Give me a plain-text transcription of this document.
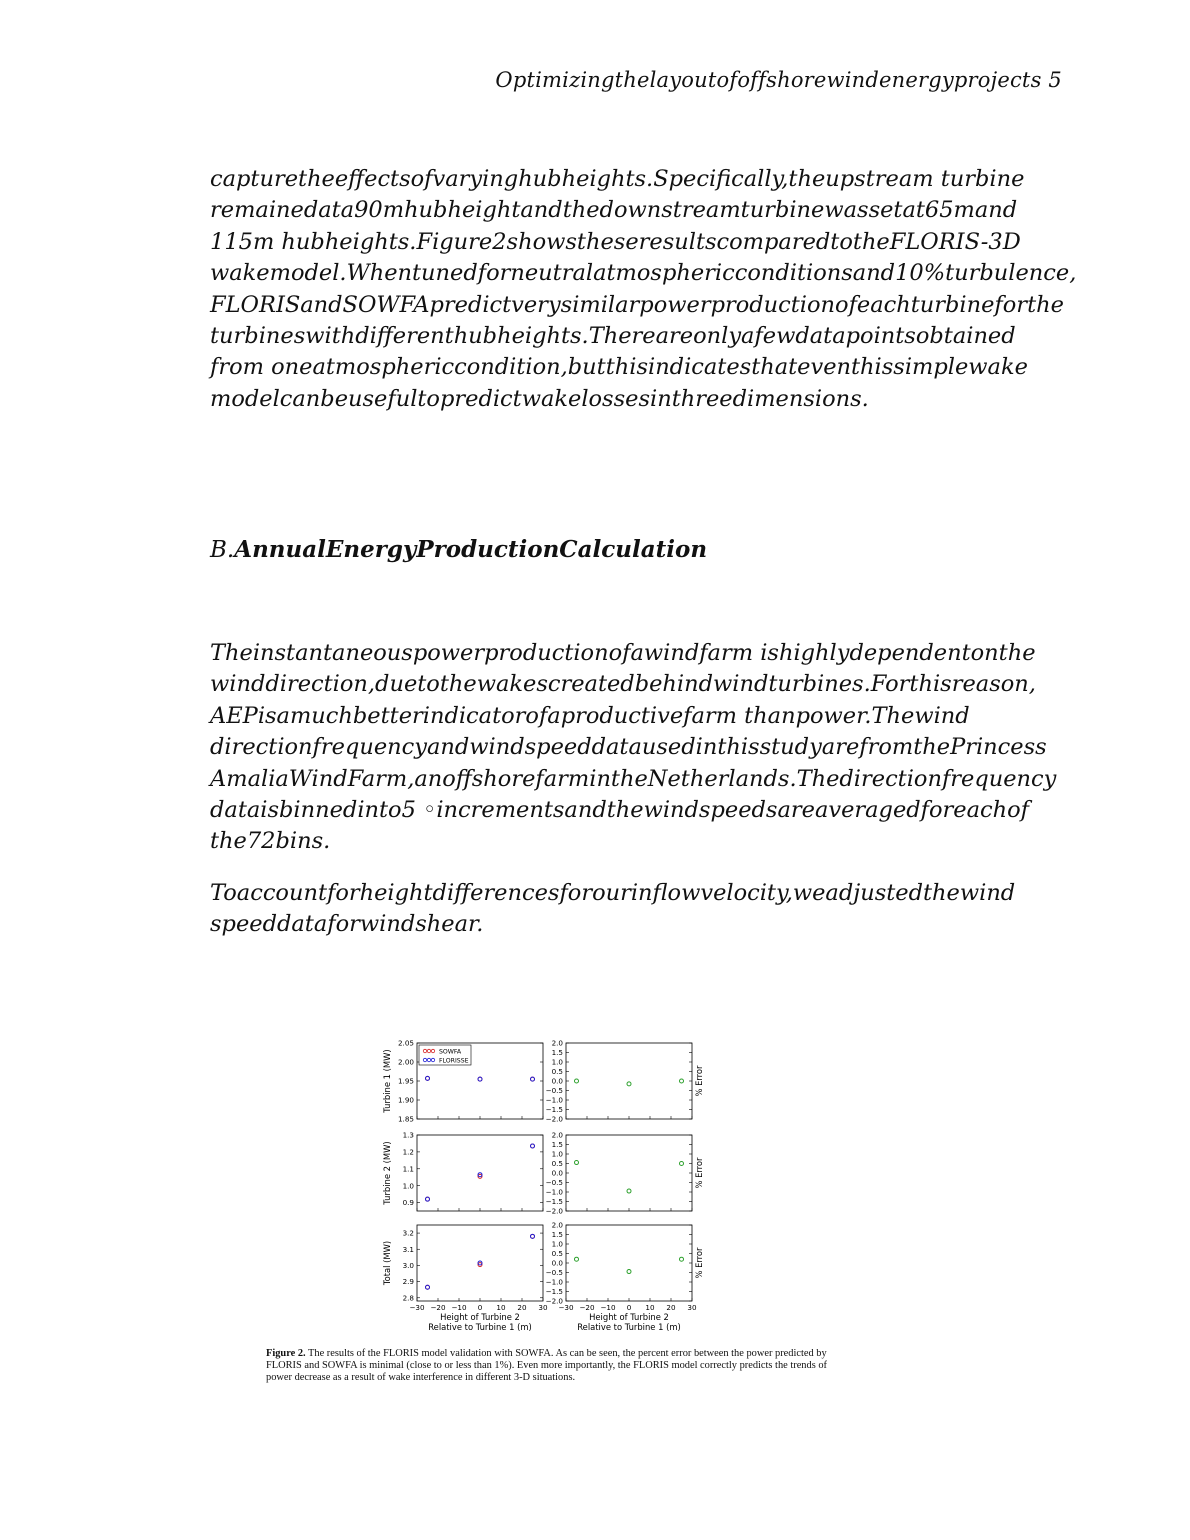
Optimizingthelayoutofoffshorewindenergyprojects 5
capturetheeffectsofvaryinghubheights.Specifically,theupstream turbine
remainedata90mhubheightandthedownstreamturbinewassetat65mand
115m hubheights.Figure2showstheseresultscomparedtotheFLORIS-3D
wakemodel.Whentunedforneutralatmosphericconditionsand10%turbulence,
FLORISandSOWFApredictverysimilarpowerproductionofeachturbineforthe
turbineswithdifferenthubheights.Thereareonlyafewdatapointsobtained
from oneatmosphericcondition,butthisindicatesthateventhissimplewake
modelcanbeusefultopredictwakelossesinthreedimensions.
B.AnnualEnergyProductionCalculation
Theinstantaneouspowerproductionofawindfarm ishighlydependentonthe
winddirection,duetothewakescreatedbehindwindturbines.Forthisreason,
AEPisamuchbetterindicatorofaproductivefarm thanpower.Thewind
directionfrequencyandwindspeeddatausedinthisstudyarefromthePrincess
AmaliaWindFarm,anoffshorefarmintheNetherlands.Thedirectionfrequency
dataisbinnedinto5 ◦incrementsandthewindspeedsareaveragedforeachof
the72bins.
Toaccountforheightdifferencesforourinflowvelocity,weadjustedthewind
speeddataforwindshear.
2.05
2.00
1.95
1.90
1.85
Turbine 1 (MW)	SOWFA
FLORISSE
2.0
1.5
1.0
0.5
0.0
−0.5
−1.0
−1.5
−2.0
% Error
1.3
1.2
1.1
1.0
0.9
Turbine 2 (MW)
2.0
1.5
1.0
0.5
0.0
−0.5
−1.0
−1.5
−2.0
% Error
3.2
3.1
3.0
2.9
2.8
−30 −20 −10 0 10 20 30
Height of Turbine 2
Relative to Turbine 1 (m)
Total (MW)
2.0
1.5
1.0
0.5
0.0
−0.5
−1.0
−1.5
−2.0
−30 −20 −10 0 10 20 30
Height of Turbine 2
Relative to Turbine 1 (m)
% Error
Figure 2. The results of the FLORIS model validation with SOWFA. As can be seen, the percent error between the power predicted by FLORIS and SOWFA is minimal (close to or less than 1%). Even more importantly, the FLORIS model correctly predicts the trends of power decrease as a result of wake interference in different 3-D situations.
